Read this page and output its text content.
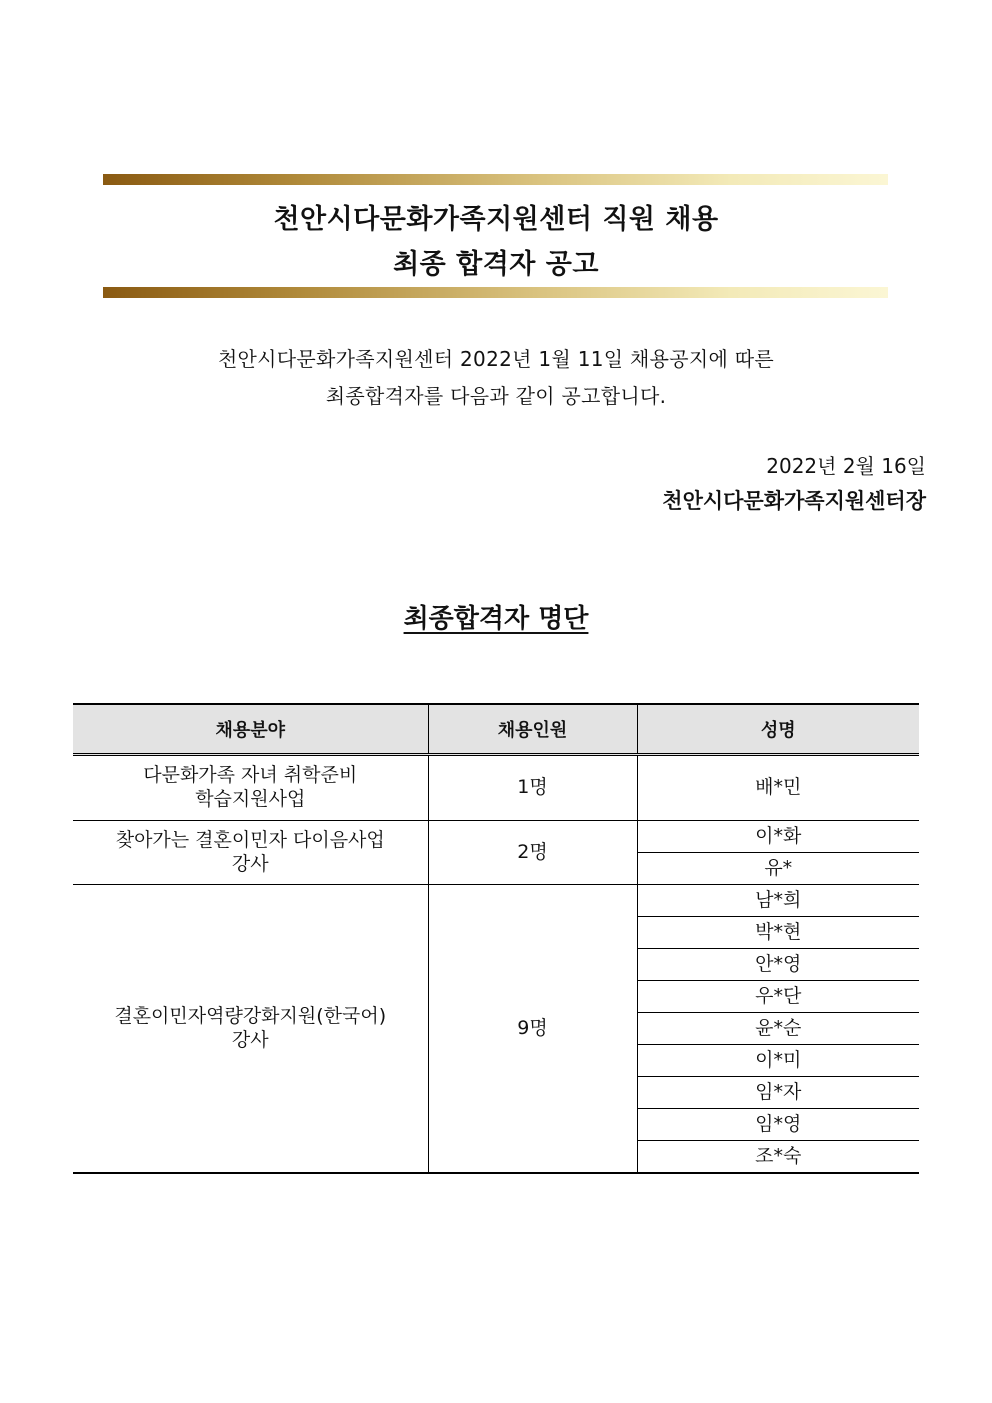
천안시다문화가족지원센터 직원 채용
최종 합격자 공고
천안시다문화가족지원센터 2022년 1월 11일 채용공지에 따른
최종합격자를 다음과 같이 공고합니다.
2022년 2월 16일
천안시다문화가족지원센터장
최종합격자 명단
채용분야	채용인원	성명

다문화가족 자녀 취학준비
학습지원사업	1명	배*민

찾아가는 결혼이민자 다이음사업
강사	2명	이*화
		유*

결혼이민자역량강화지원(한국어)
강사	9명	남*희
		박*현
		안*영
		우*단
		윤*순
		이*미
		임*자
		임*영
		조*숙
